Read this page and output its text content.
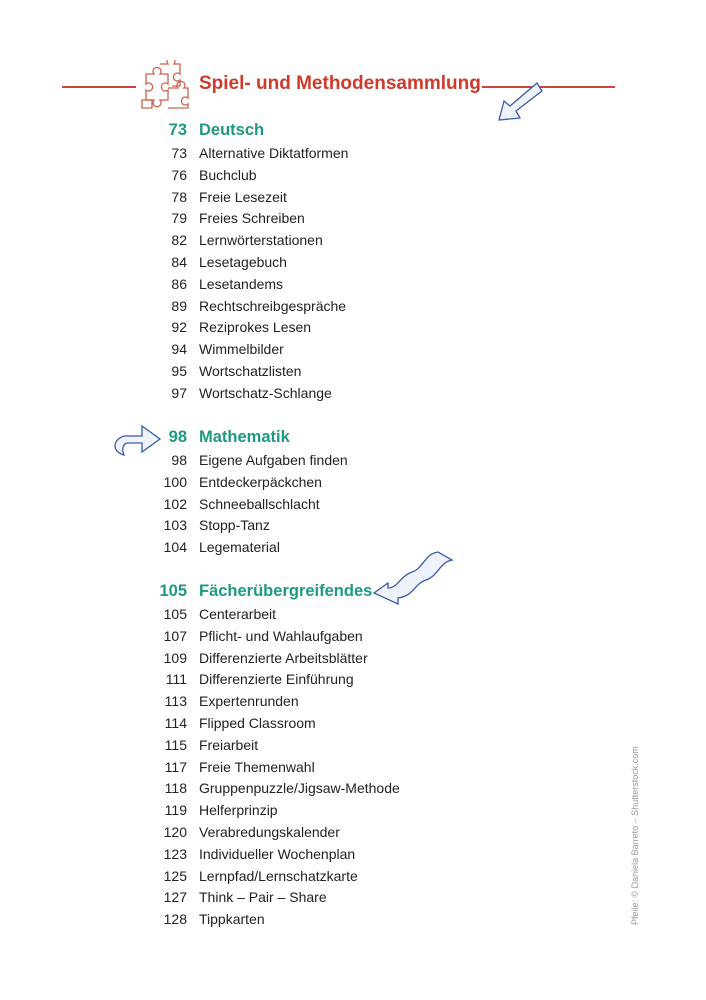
Spiel- und Methodensammlung
73 Deutsch
73 Alternative Diktatformen
76 Buchclub
78 Freie Lesezeit
79 Freies Schreiben
82 Lernwörterstationen
84 Lesetagebuch
86 Lesetandems
89 Rechtschreibgespräche
92 Reziprokes Lesen
94 Wimmelbilder
95 Wortschatzlisten
97 Wortschatz-Schlange
98 Mathematik
98 Eigene Aufgaben finden
100 Entdeckerpäckchen
102 Schneeballschlacht
103 Stopp-Tanz
104 Legematerial
105 Fächerübergreifendes
105 Centerarbeit
107 Pflicht- und Wahlaufgaben
109 Differenzierte Arbeitsblätter
111 Differenzierte Einführung
113 Expertenrunden
114 Flipped Classroom
115 Freiarbeit
117 Freie Themenwahl
118 Gruppenpuzzle/Jigsaw-Methode
119 Helferprinzip
120 Verabredungskalender
123 Individueller Wochenplan
125 Lernpfad/Lernschatzkarte
127 Think – Pair – Share
128 Tippkarten	Pfeile: © Daniela Barreto – Shutterstock.com
